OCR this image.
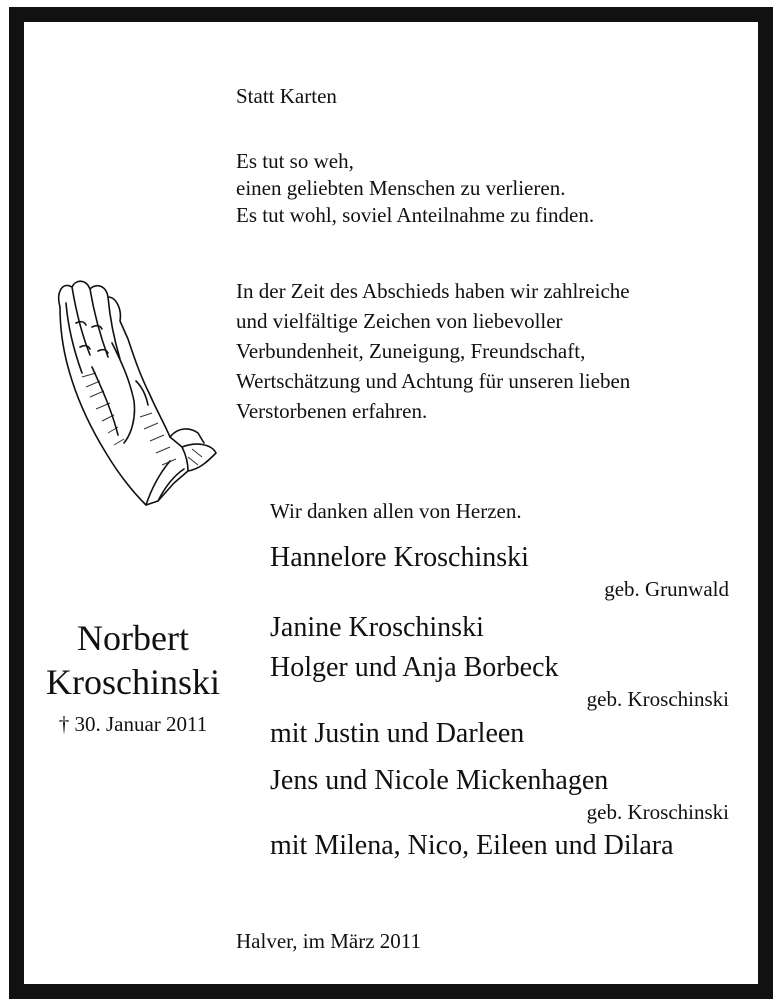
Statt Karten
Es tut so weh,
einen geliebten Menschen zu verlieren.
Es tut wohl, soviel Anteilnahme zu finden.
In der Zeit des Abschieds haben wir zahlreiche
und vielfältige Zeichen von liebevoller
Verbundenheit, Zuneigung, Freundschaft,
Wertschätzung und Achtung für unseren lieben
Verstorbenen erfahren.
Wir danken allen von Herzen.
Norbert
Kroschinski
† 30. Januar 2011
Hannelore Kroschinski
geb. Grunwald
Janine Kroschinski
Holger und Anja Borbeck
geb. Kroschinski
mit Justin und Darleen
Jens und Nicole Mickenhagen
geb. Kroschinski
mit Milena, Nico, Eileen und Dilara
Halver, im März 2011
